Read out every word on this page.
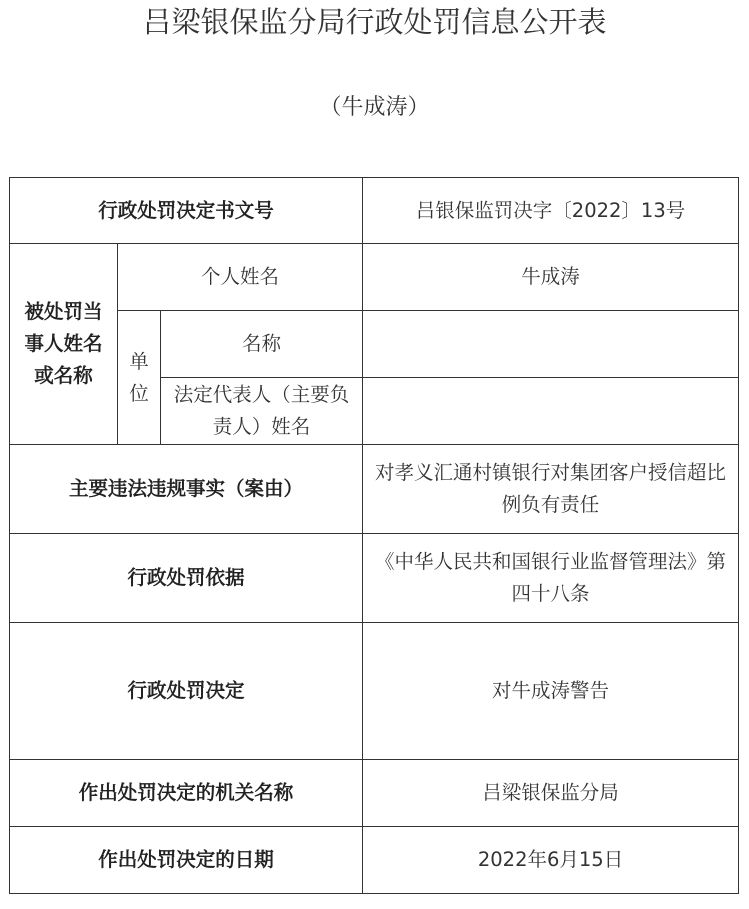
吕梁银保监分局行政处罚信息公开表
（牛成涛）
行政处罚决定书文号			吕银保监罚决字〔2022〕13号
被处罚当事人姓名或名称	个人姓名		牛成涛
	单位	名称	
		法定代表人（主要负责人）姓名	
主要违法违规事实（案由）			对孝义汇通村镇银行对集团客户授信超比例负有责任
行政处罚依据			《中华人民共和国银行业监督管理法》第四十八条
行政处罚决定			对牛成涛警告
作出处罚决定的机关名称			吕梁银保监分局
作出处罚决定的日期			2022年6月15日
